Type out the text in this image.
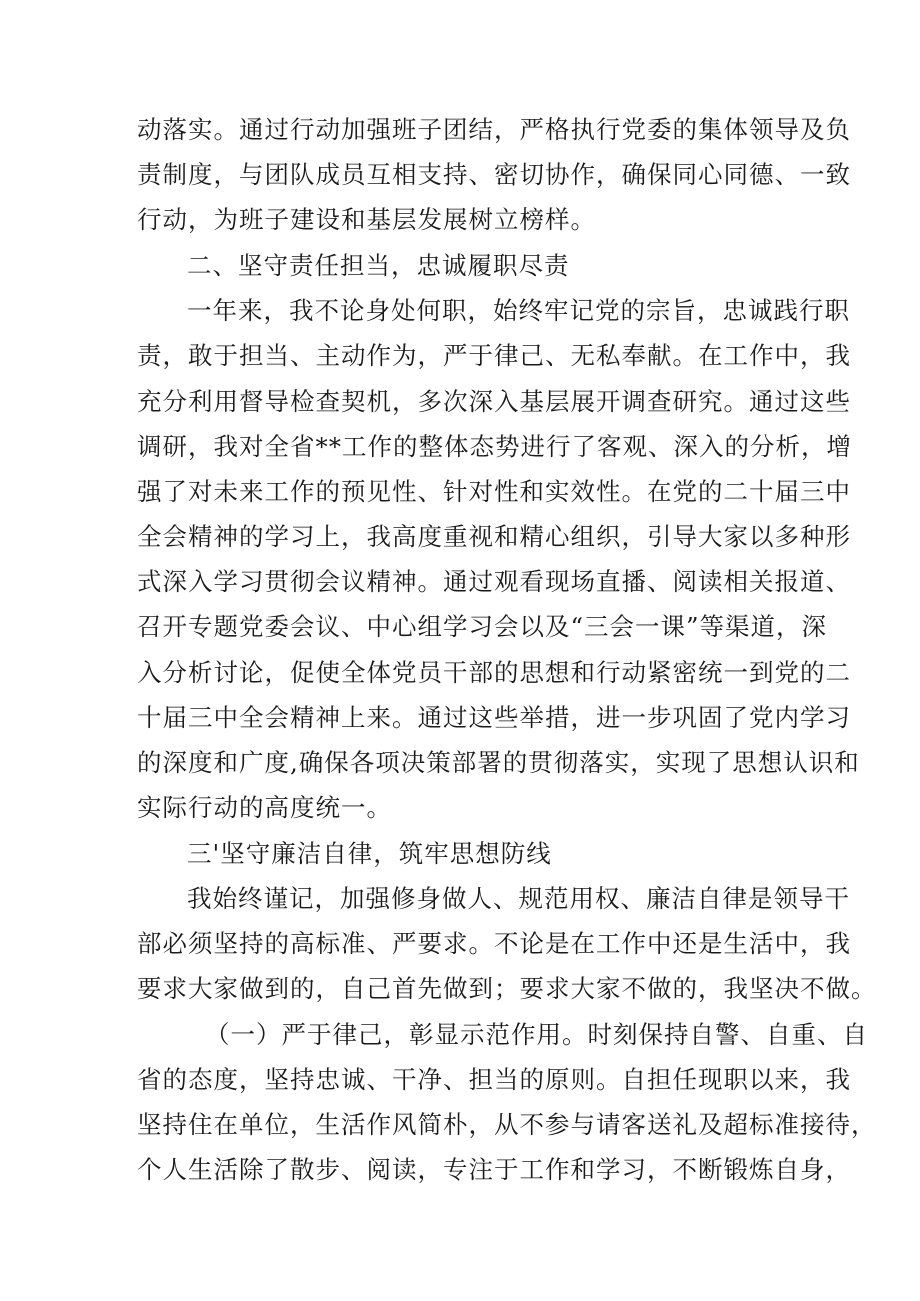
动落实。通过行动加强班子团结，严格执行党委的集体领导及负
责制度，与团队成员互相支持、密切协作，确保同心同德、一致
行动，为班子建设和基层发展树立榜样。
二、坚守责任担当，忠诚履职尽责
一年来，我不论身处何职，始终牢记党的宗旨，忠诚践行职
责，敢于担当、主动作为，严于律己、无私奉献。在工作中，我
充分利用督导检查契机，多次深入基层展开调查研究。通过这些
调研，我对全省**工作的整体态势进行了客观、深入的分析，增
强了对未来工作的预见性、针对性和实效性。在党的二十届三中
全会精神的学习上，我高度重视和精心组织，引导大家以多种形
式深入学习贯彻会议精神。通过观看现场直播、阅读相关报道、
召开专题党委会议、中心组学习会以及“三会一课”等渠道，深
入分析讨论，促使全体党员干部的思想和行动紧密统一到党的二
十届三中全会精神上来。通过这些举措，进一步巩固了党内学习
的深度和广度,确保各项决策部署的贯彻落实，实现了思想认识和
实际行动的高度统一。
三'坚守廉洁自律，筑牢思想防线
我始终谨记，加强修身做人、规范用权、廉洁自律是领导干
部必须坚持的高标准、严要求。不论是在工作中还是生活中，我
要求大家做到的，自己首先做到；要求大家不做的，我坚决不做。
（一）严于律己，彰显示范作用。时刻保持自警、自重、自
省的态度，坚持忠诚、干净、担当的原则。自担任现职以来，我
坚持住在单位，生活作风简朴，从不参与请客送礼及超标准接待，
个人生活除了散步、阅读，专注于工作和学习，不断锻炼自身，
